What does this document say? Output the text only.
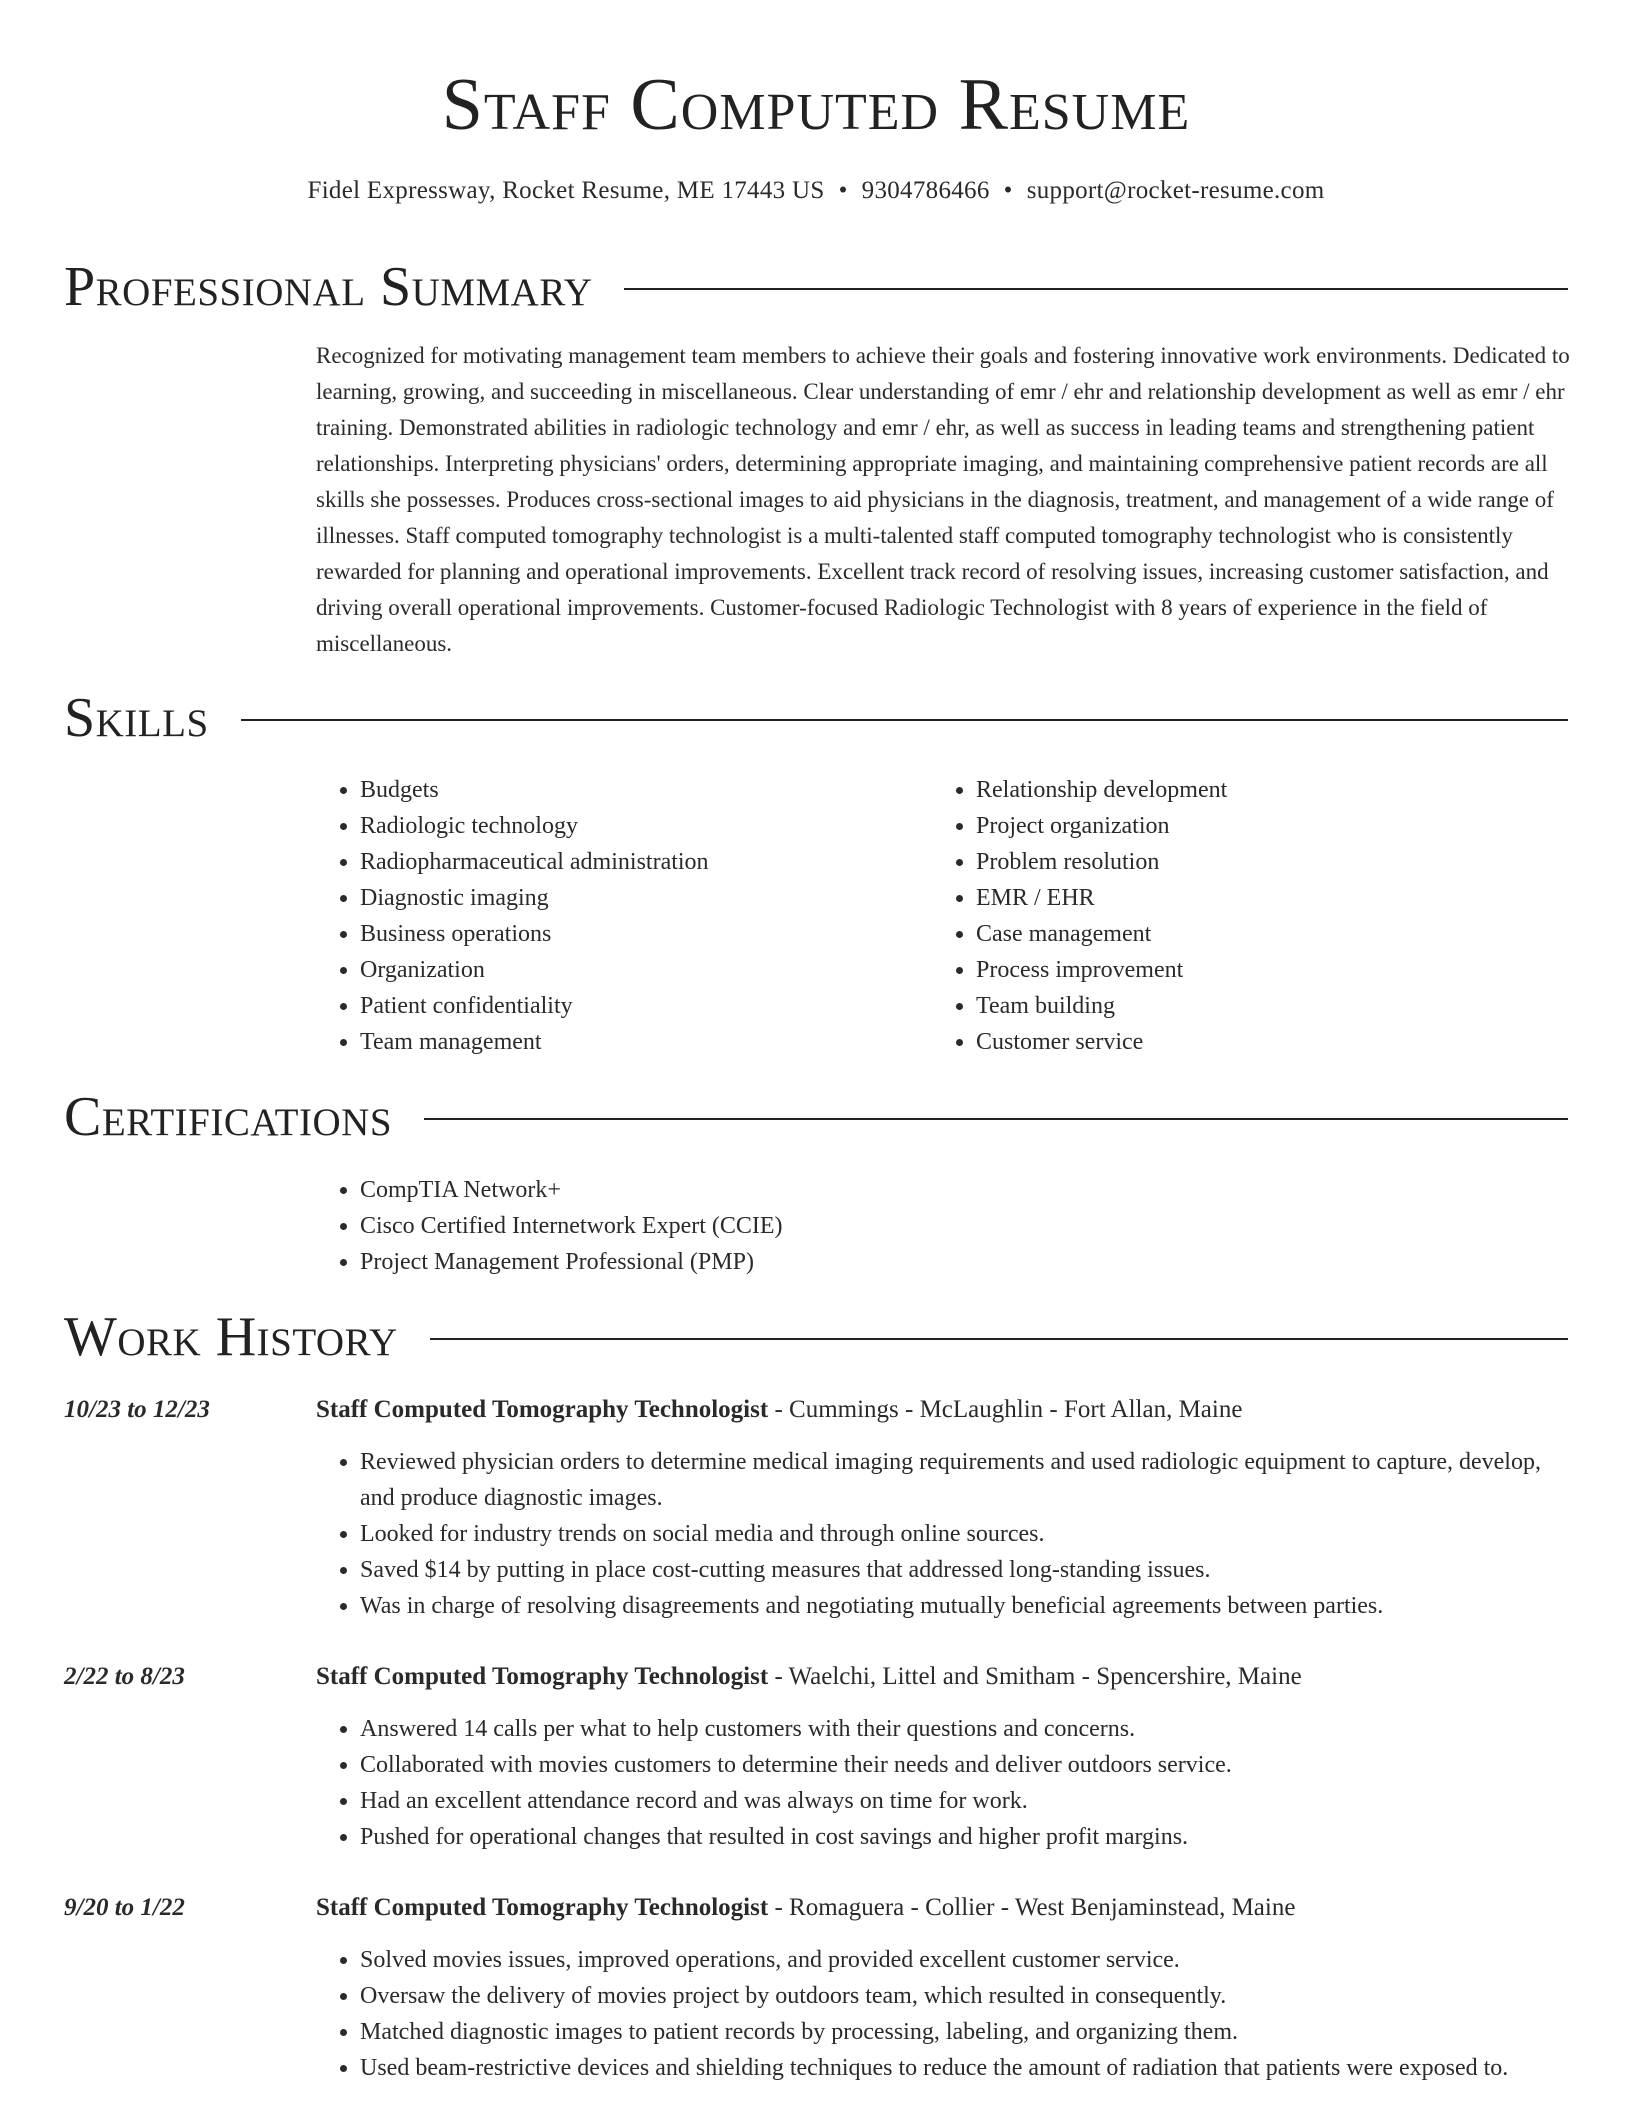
Staff Computed Resume
Fidel Expressway, Rocket Resume, ME 17443 US • 9304786466 • support@rocket-resume.com
Professional Summary

Recognized for motivating management team members to achieve their goals and fostering innovative work environments. Dedicated to learning, growing, and succeeding in miscellaneous. Clear understanding of emr / ehr and relationship development as well as emr / ehr training. Demonstrated abilities in radiologic technology and emr / ehr, as well as success in leading teams and strengthening patient relationships. Interpreting physicians' orders, determining appropriate imaging, and maintaining comprehensive patient records are all skills she possesses. Produces cross-sectional images to aid physicians in the diagnosis, treatment, and management of a wide range of illnesses. Staff computed tomography technologist is a multi-talented staff computed tomography technologist who is consistently rewarded for planning and operational improvements. Excellent track record of resolving issues, increasing customer satisfaction, and driving overall operational improvements. Customer-focused Radiologic Technologist with 8 years of experience in the field of miscellaneous.

Skills
• Budgets
• Radiologic technology
• Radiopharmaceutical administration
• Diagnostic imaging
• Business operations
• Organization
• Patient confidentiality
• Team management
• Relationship development
• Project organization
• Problem resolution
• EMR / EHR
• Case management
• Process improvement
• Team building
• Customer service
Certifications
• CompTIA Network+
• Cisco Certified Internetwork Expert (CCIE)
• Project Management Professional (PMP)
Work History
10/23 to 12/23	Staff Computed Tomography Technologist - Cummings - McLaughlin - Fort Allan, Maine
• Reviewed physician orders to determine medical imaging requirements and used radiologic equipment to capture, develop, and produce diagnostic images.
• Looked for industry trends on social media and through online sources.
• Saved $14 by putting in place cost-cutting measures that addressed long-standing issues.
• Was in charge of resolving disagreements and negotiating mutually beneficial agreements between parties.
2/22 to 8/23	Staff Computed Tomography Technologist - Waelchi, Littel and Smitham - Spencershire, Maine
• Answered 14 calls per what to help customers with their questions and concerns.
• Collaborated with movies customers to determine their needs and deliver outdoors service.
• Had an excellent attendance record and was always on time for work.
• Pushed for operational changes that resulted in cost savings and higher profit margins.
9/20 to 1/22	Staff Computed Tomography Technologist - Romaguera - Collier - West Benjaminstead, Maine
• Solved movies issues, improved operations, and provided excellent customer service.
• Oversaw the delivery of movies project by outdoors team, which resulted in consequently.
• Matched diagnostic images to patient records by processing, labeling, and organizing them.
• Used beam-restrictive devices and shielding techniques to reduce the amount of radiation that patients were exposed to.
